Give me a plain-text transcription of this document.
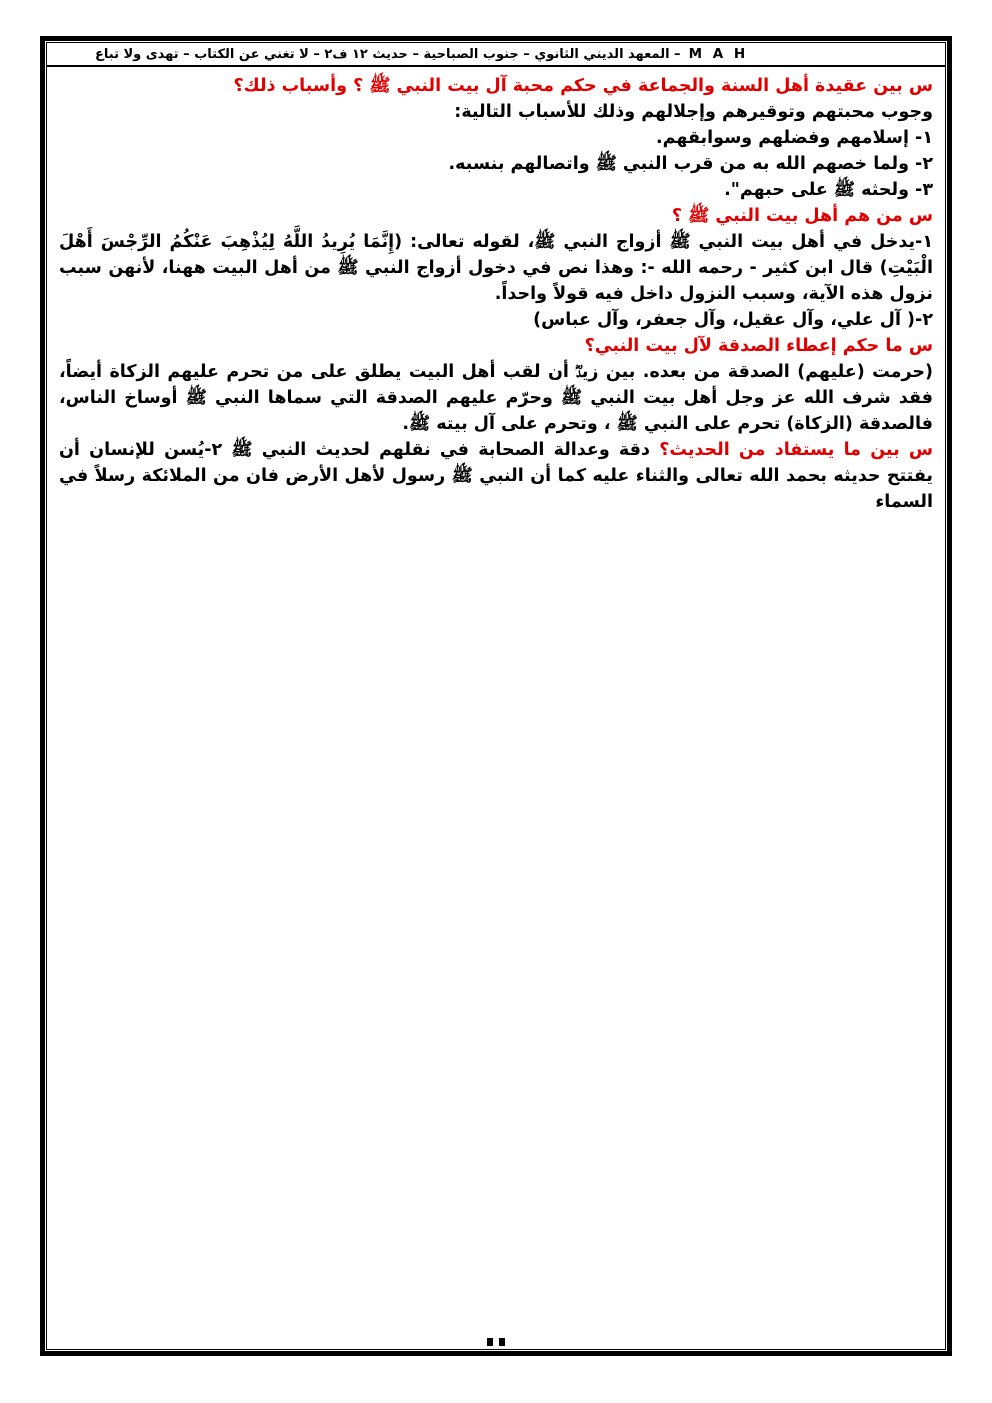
المعهد الديني الثانوي – جنوب الصباحية – حديث ١٢ ف٢ – لا تغني عن الكتاب – تهدى ولا تباع – M A H

س بين عقيدة أهل السنة والجماعة في حكم محبة آل بيت النبي ﷺ ؟ وأسباب ذلك؟

وجوب محبتهم وتوقيرهم وإجلالهم وذلك للأسباب التالية:

١- إسلامهم وفضلهم وسوابقهم.

٢- ولما خصهم الله به من قرب النبي ﷺ واتصالهم بنسبه.

٣- ولحثه ﷺ على حبهم".

س من هم أهل بيت النبي ﷺ ؟

١-يدخل في أهل بيت النبي ﷺ أزواج النبي ﷺ، لقوله تعالى: (إِنَّمَا يُرِيدُ اللَّهُ لِيُذْهِبَ عَنْكُمُ الرِّجْسَ أَهْلَ الْبَيْتِ) قال ابن كثير - رحمه الله -: وهذا نص في دخول أزواج النبي ﷺ من أهل البيت ههنا، لأنهن سبب نزول هذه الآية، وسبب النزول داخل فيه قولاً واحداً.

٢-( آل علي، وآل عقيل، وآل جعفر، وآل عباس)

س ما حكم إعطاء الصدقة لآل بيت النبي؟

(حرمت (عليهم) الصدقة من بعده. بين زيدؓ أن لقب أهل البيت يطلق على من تحرم عليهم الزكاة أيضاً، فقد شرف الله عز وجل أهل بيت النبي ﷺ وحرّم عليهم الصدقة التي سماها النبي ﷺ أوساخ الناس، فالصدقة (الزكاة) تحرم على النبي ﷺ ، وتحرم على آل بيته ﷺ.

س بين ما يستفاد من الحديث؟ دقة وعدالة الصحابة في نقلهم لحديث النبي ﷺ ٢-يُسن للإنسان أن يفتتح حديثه بحمد الله تعالى والثناء عليه كما أن النبي ﷺ رسول لأهل الأرض فان من الملائكة رسلاً في السماء
